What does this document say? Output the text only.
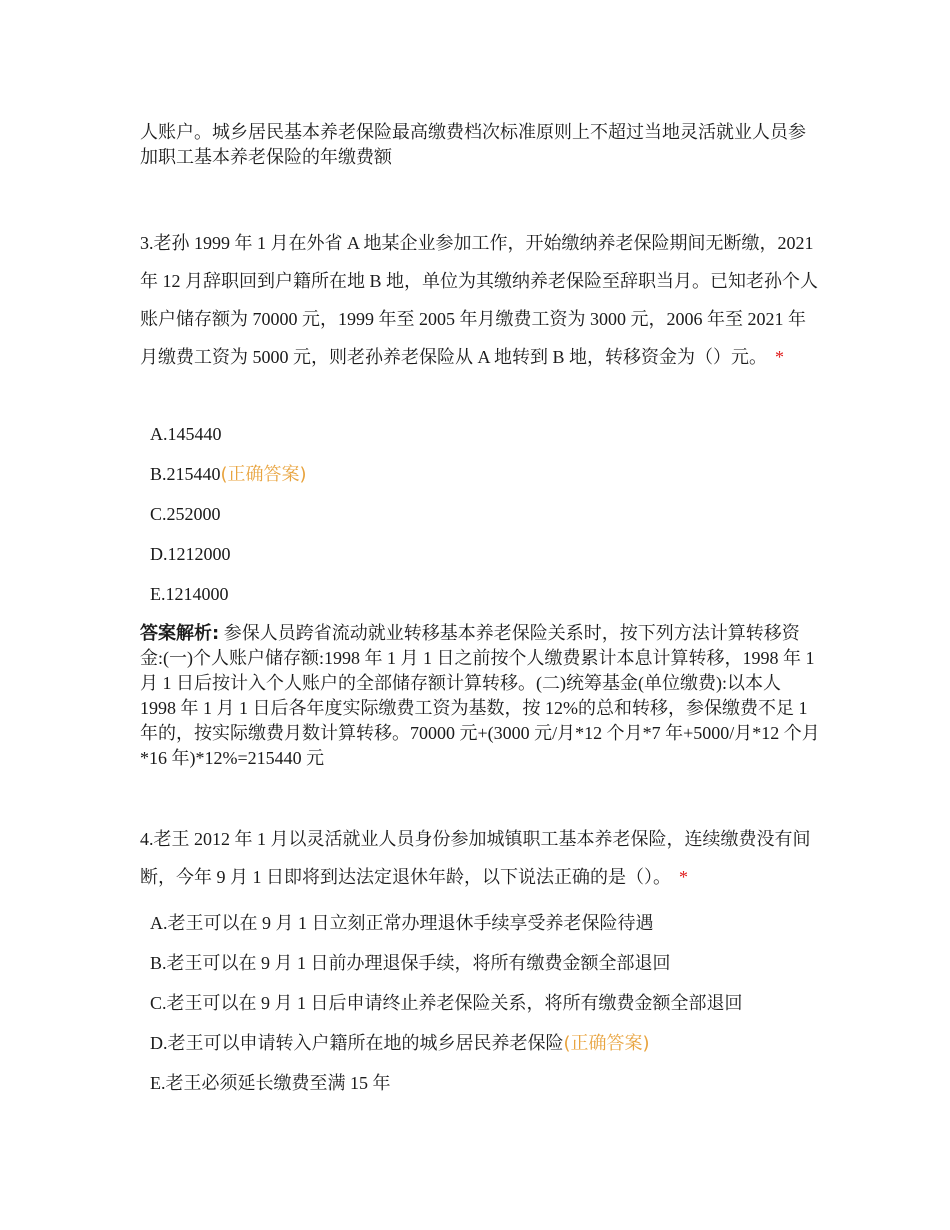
人账户。城乡居民基本养老保险最高缴费档次标准原则上不超过当地灵活就业人员参加职工基本养老保险的年缴费额
3.老孙 1999 年 1 月在外省 A 地某企业参加工作，开始缴纳养老保险期间无断缴，2021 年 12 月辞职回到户籍所在地 B 地，单位为其缴纳养老保险至辞职当月。已知老孙个人账户储存额为 70000 元，1999 年至 2005 年月缴费工资为 3000 元，2006 年至 2021 年月缴费工资为 5000 元，则老孙养老保险从 A 地转到 B 地，转移资金为（）元。 *
A.145440
B.215440(正确答案)
C.252000
D.1212000
E.1214000
答案解析: 参保人员跨省流动就业转移基本养老保险关系时，按下列方法计算转移资金:(一)个人账户储存额:1998 年 1 月 1 日之前按个人缴费累计本息计算转移，1998 年 1 月 1 日后按计入个人账户的全部储存额计算转移。(二)统筹基金(单位缴费):以本人 1998 年 1 月 1 日后各年度实际缴费工资为基数，按 12%的总和转移，参保缴费不足 1 年的，按实际缴费月数计算转移。70000 元+(3000 元/月*12 个月*7 年+5000/月*12 个月*16 年)*12%=215440 元
4.老王 2012 年 1 月以灵活就业人员身份参加城镇职工基本养老保险，连续缴费没有间断，今年 9 月 1 日即将到达法定退休年龄，以下说法正确的是（）。 *
A.老王可以在 9 月 1 日立刻正常办理退休手续享受养老保险待遇
B.老王可以在 9 月 1 日前办理退保手续，将所有缴费金额全部退回
C.老王可以在 9 月 1 日后申请终止养老保险关系，将所有缴费金额全部退回
D.老王可以申请转入户籍所在地的城乡居民养老保险(正确答案)
E.老王必须延长缴费至满 15 年
